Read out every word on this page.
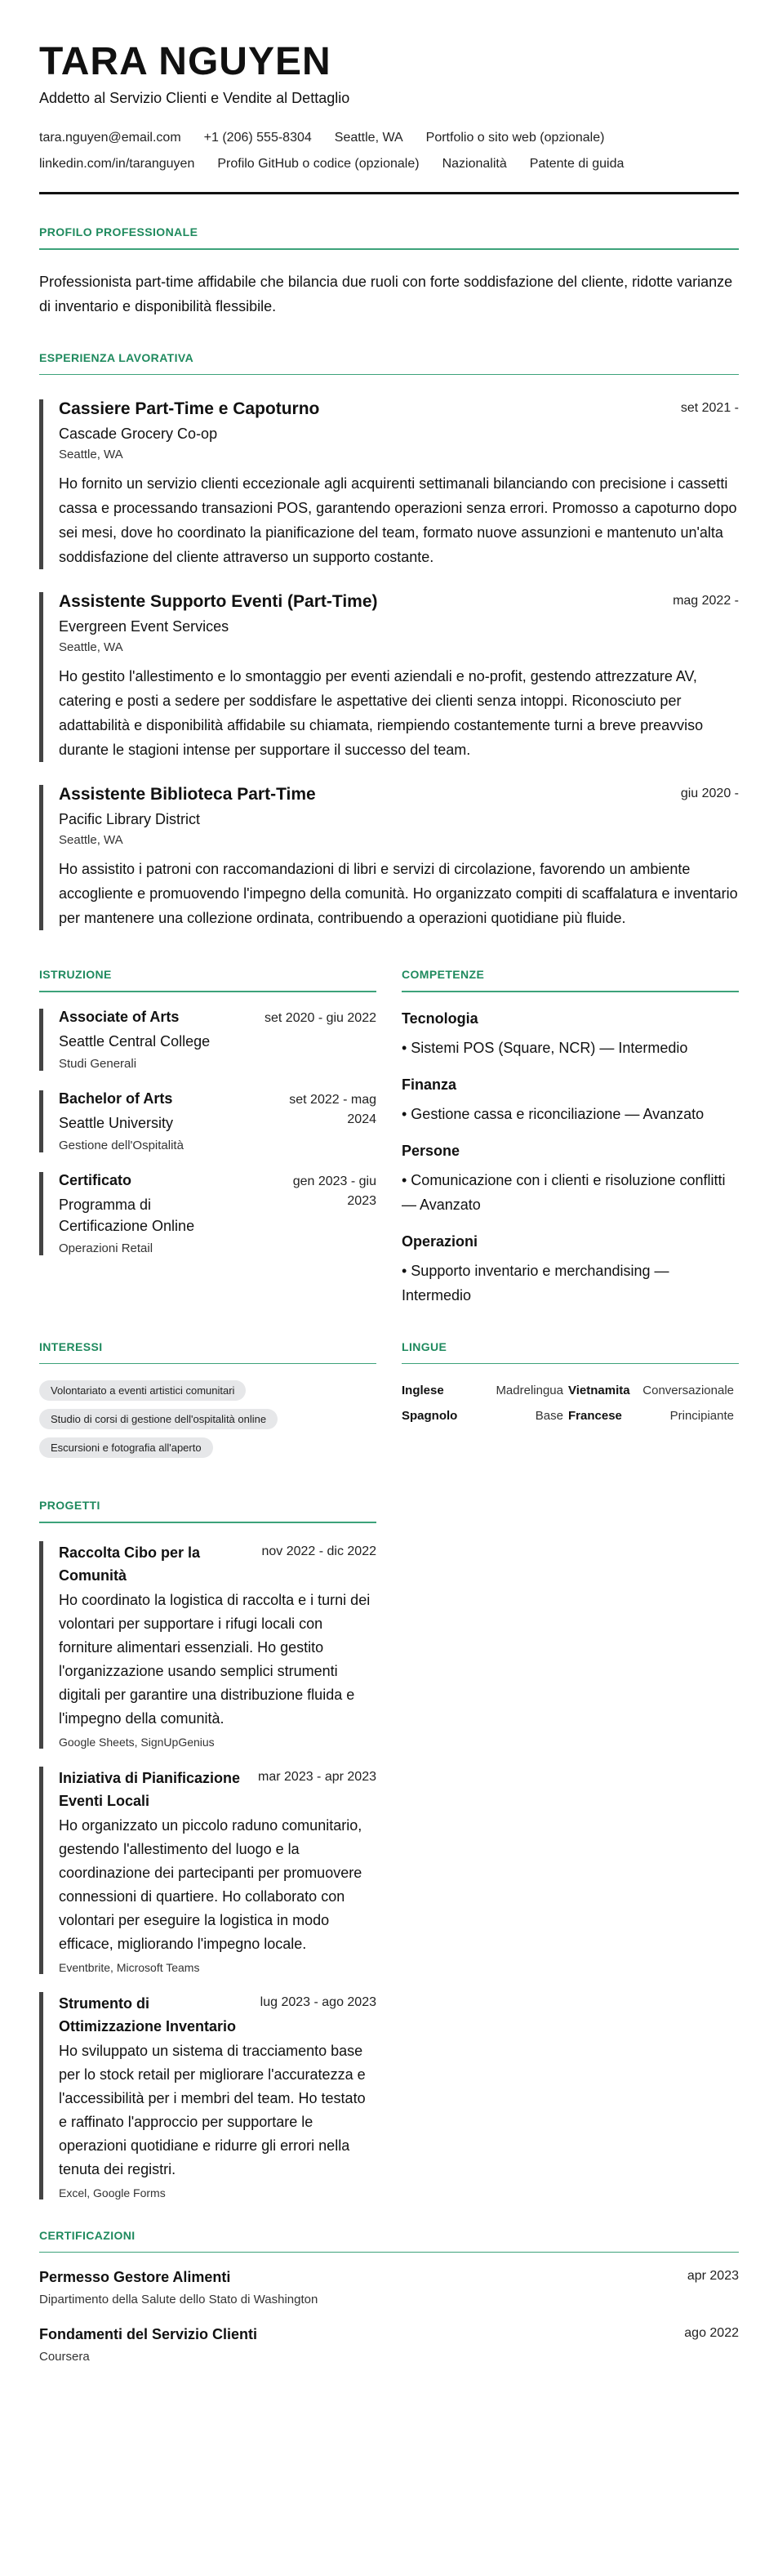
TARA NGUYEN
Addetto al Servizio Clienti e Vendite al Dettaglio
tara.nguyen@email.com +1 (206) 555-8304 Seattle, WA Portfolio o sito web (opzionale)
linkedin.com/in/taranguyen Profilo GitHub o codice (opzionale) Nazionalità Patente di guida
PROFILO PROFESSIONALE
Professionista part-time affidabile che bilancia due ruoli con forte soddisfazione del cliente, ridotte varianze di inventario e disponibilità flessibile.
ESPERIENZA LAVORATIVA
Cassiere Part-Time e Capoturno	set 2021 -
Cascade Grocery Co-op
Seattle, WA
Ho fornito un servizio clienti eccezionale agli acquirenti settimanali bilanciando con precisione i cassetti cassa e processando transazioni POS, garantendo operazioni senza errori. Promosso a capoturno dopo sei mesi, dove ho coordinato la pianificazione del team, formato nuove assunzioni e mantenuto un'alta soddisfazione del cliente attraverso un supporto costante.
Assistente Supporto Eventi (Part-Time)	mag 2022 -
Evergreen Event Services
Seattle, WA
Ho gestito l'allestimento e lo smontaggio per eventi aziendali e no-profit, gestendo attrezzature AV, catering e posti a sedere per soddisfare le aspettative dei clienti senza intoppi. Riconosciuto per adattabilità e disponibilità affidabile su chiamata, riempiendo costantemente turni a breve preavviso durante le stagioni intense per supportare il successo del team.
Assistente Biblioteca Part-Time	giu 2020 -
Pacific Library District
Seattle, WA
Ho assistito i patroni con raccomandazioni di libri e servizi di circolazione, favorendo un ambiente accogliente e promuovendo l'impegno della comunità. Ho organizzato compiti di scaffalatura e inventario per mantenere una collezione ordinata, contribuendo a operazioni quotidiane più fluide.
ISTRUZIONE
Associate of Arts	set 2020 - giu 2022
Seattle Central College
Studi Generali
Bachelor of Arts	set 2022 - mag 2024
Seattle University
Gestione dell'Ospitalità
Certificato	gen 2023 - giu 2023
Programma di Certificazione Online
Operazioni Retail
COMPETENZE
Tecnologia
• Sistemi POS (Square, NCR) — Intermedio
Finanza
• Gestione cassa e riconciliazione — Avanzato
Persone
• Comunicazione con i clienti e risoluzione conflitti — Avanzato
Operazioni
• Supporto inventario e merchandising — Intermedio
INTERESSI
Volontariato a eventi artistici comunitari
Studio di corsi di gestione dell'ospitalità online
Escursioni e fotografia all'aperto
LINGUE
Inglese	Madrelingua Vietnamita	Conversazionale
Spagnolo	Base Francese	Principiante
PROGETTI
Raccolta Cibo per la Comunità
nov 2022 - dic 2022
Ho coordinato la logistica di raccolta e i turni dei volontari per supportare i rifugi locali con forniture alimentari essenziali. Ho gestito l'organizzazione usando semplici strumenti digitali per garantire una distribuzione fluida e l'impegno della comunità.
Google Sheets, SignUpGenius
Iniziativa di Pianificazione Eventi Locali
mar 2023 - apr 2023
Ho organizzato un piccolo raduno comunitario, gestendo l'allestimento del luogo e la coordinazione dei partecipanti per promuovere connessioni di quartiere. Ho collaborato con volontari per eseguire la logistica in modo efficace, migliorando l'impegno locale.
Eventbrite, Microsoft Teams
Strumento di Ottimizzazione Inventario
lug 2023 - ago 2023
Ho sviluppato un sistema di tracciamento base per lo stock retail per migliorare l'accuratezza e l'accessibilità per i membri del team. Ho testato e raffinato l'approccio per supportare le operazioni quotidiane e ridurre gli errori nella tenuta dei registri.
Excel, Google Forms
CERTIFICAZIONI
Permesso Gestore Alimenti	apr 2023
Dipartimento della Salute dello Stato di Washington
Fondamenti del Servizio Clienti	ago 2022
Coursera
